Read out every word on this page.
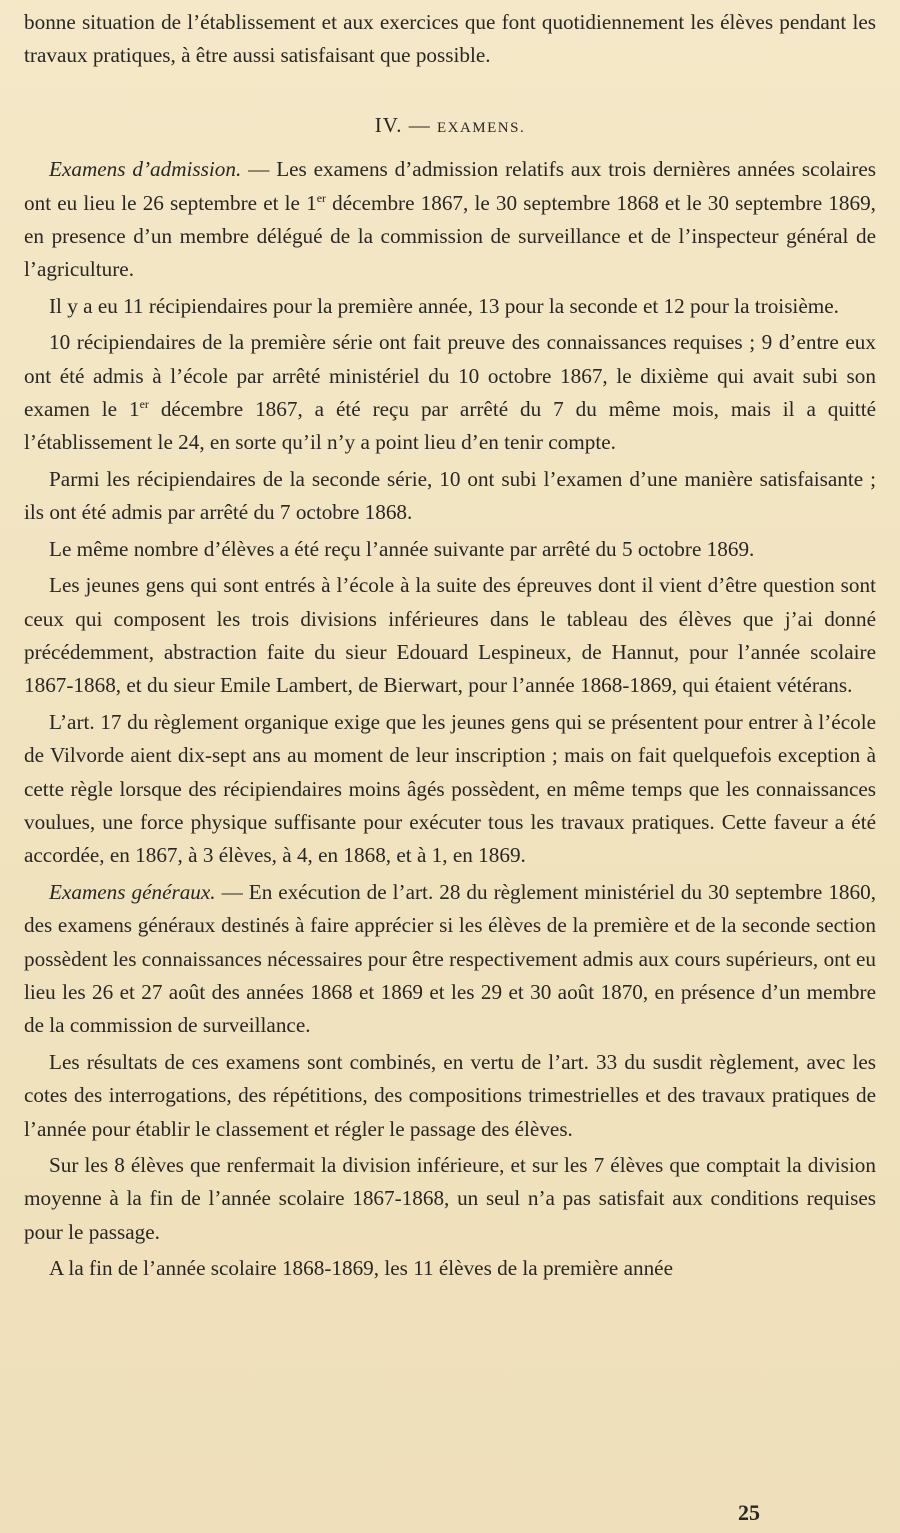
bonne situation de l’établissement et aux exercices que font quotidiennement les élèves pendant les travaux pratiques, à être aussi satisfaisant que possible.

IV. — EXAMENS.

Examens d’admission. — Les examens d’admission relatifs aux trois dernières années scolaires ont eu lieu le 26 septembre et le 1er décembre 1867, le 30 septembre 1868 et le 30 septembre 1869, en presence d’un membre délégué de la commission de surveillance et de l’inspecteur général de l’agriculture.

Il y a eu 11 récipiendaires pour la première année, 13 pour la seconde et 12 pour la troisième.

10 récipiendaires de la première série ont fait preuve des connaissances requises ; 9 d’entre eux ont été admis à l’école par arrêté ministériel du 10 octobre 1867, le dixième qui avait subi son examen le 1er décembre 1867, a été reçu par arrêté du 7 du même mois, mais il a quitté l’établissement le 24, en sorte qu’il n’y a point lieu d’en tenir compte.

Parmi les récipiendaires de la seconde série, 10 ont subi l’examen d’une manière satisfaisante ; ils ont été admis par arrêté du 7 octobre 1868.

Le même nombre d’élèves a été reçu l’année suivante par arrêté du 5 octobre 1869.

Les jeunes gens qui sont entrés à l’école à la suite des épreuves dont il vient d’être question sont ceux qui composent les trois divisions inférieures dans le tableau des élèves que j’ai donné précédemment, abstraction faite du sieur Edouard Lespineux, de Hannut, pour l’année scolaire 1867-1868, et du sieur Emile Lambert, de Bierwart, pour l’année 1868-1869, qui étaient vétérans.

L’art. 17 du règlement organique exige que les jeunes gens qui se présentent pour entrer à l’école de Vilvorde aient dix-sept ans au moment de leur inscription ; mais on fait quelquefois exception à cette règle lorsque des récipiendaires moins âgés possèdent, en même temps que les connaissances voulues, une force physique suffisante pour exécuter tous les travaux pratiques. Cette faveur a été accordée, en 1867, à 3 élèves, à 4, en 1868, et à 1, en 1869.

Examens généraux. — En exécution de l’art. 28 du règlement ministériel du 30 septembre 1860, des examens généraux destinés à faire apprécier si les élèves de la première et de la seconde section possèdent les connaissances nécessaires pour être respectivement admis aux cours supérieurs, ont eu lieu les 26 et 27 août des années 1868 et 1869 et les 29 et 30 août 1870, en présence d’un membre de la commission de surveillance.

Les résultats de ces examens sont combinés, en vertu de l’art. 33 du susdit règlement, avec les cotes des interrogations, des répétitions, des compositions trimestrielles et des travaux pratiques de l’année pour établir le classement et régler le passage des élèves.

Sur les 8 élèves que renfermait la division inférieure, et sur les 7 élèves que comptait la division moyenne à la fin de l’année scolaire 1867-1868, un seul n’a pas satisfait aux conditions requises pour le passage.

A la fin de l’année scolaire 1868-1869, les 11 élèves de la première année

25
